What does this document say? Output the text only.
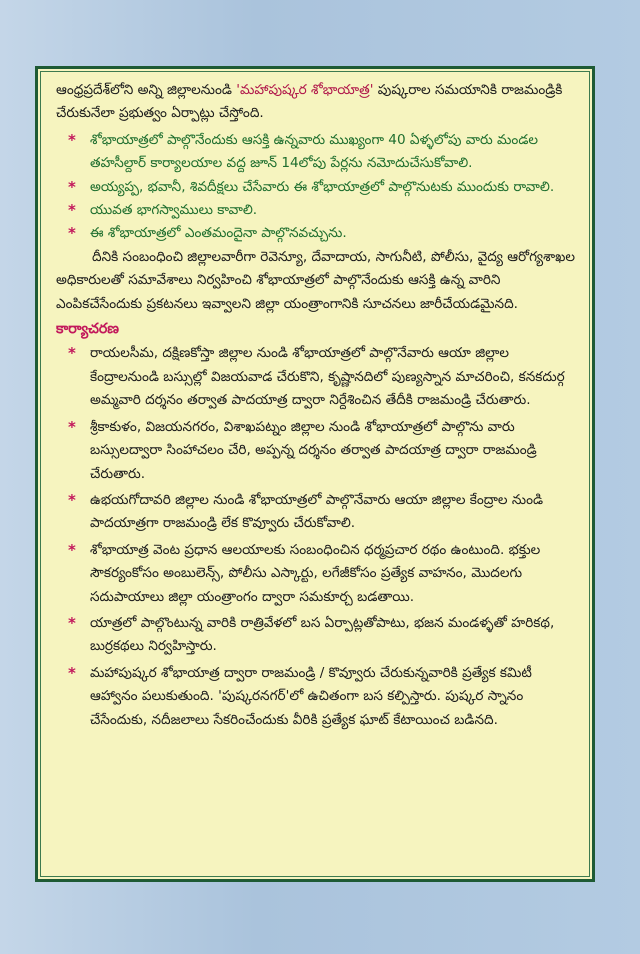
ఆంధ్రప్రదేశ్‌లోని అన్ని జిల్లాలనుండి 'మహాపుష్కర శోభాయాత్ర' పుష్కరాల సమయానికి రాజమండ్రికి చేరుకునేలా ప్రభుత్వం ఏర్పాట్లు చేస్తోంది.

* శోభాయాత్రలో పాల్గొనేందుకు ఆసక్తి ఉన్నవారు ముఖ్యంగా 40 ఏళ్ళలోపు వారు మండల తహసీల్దార్ కార్యాలయాల వద్ద జూన్ 14లోపు పేర్లను నమోదుచేసుకోవాలి.
* అయ్యప్ప, భవానీ, శివదీక్షలు చేసేవారు ఈ శోభాయాత్రలో పాల్గొనుటకు ముందుకు రావాలి.
* యువత భాగస్వాములు కావాలి.
* ఈ శోభాయాత్రలో ఎంతమందైనా పాల్గొనవచ్చును.

దీనికి సంబంధించి జిల్లాలవారీగా రెవెన్యూ, దేవాదాయ, సాగునీటి, పోలీసు, వైద్య ఆరోగ్యశాఖల అధికారులతో సమావేశాలు నిర్వహించి శోభాయాత్రలో పాల్గొనేందుకు ఆసక్తి ఉన్న వారిని ఎంపికచేసేందుకు ప్రకటనలు ఇవ్వాలని జిల్లా యంత్రాంగానికి సూచనలు జారీచేయడమైనది.

కార్యాచరణ
* రాయలసీమ, దక్షిణకోస్తా జిల్లాల నుండి శోభాయాత్రలో పాల్గొనేవారు ఆయా జిల్లాల కేంద్రాలనుండి బస్సుల్లో విజయవాడ చేరుకొని, కృష్ణానదిలో పుణ్యస్నాన మాచరించి, కనకదుర్గ అమ్మవారి దర్శనం తర్వాత పాదయాత్ర ద్వారా నిర్దేశించిన తేదీకి రాజమండ్రి చేరుతారు.
* శ్రీకాకుళం, విజయనగరం, విశాఖపట్నం జిల్లాల నుండి శోభాయాత్రలో పాల్గొను వారు బస్సులద్వారా సింహాచలం చేరి, అప్పన్న దర్శనం తర్వాత పాదయాత్ర ద్వారా రాజమండ్రి చేరుతారు.
* ఉభయగోదావరి జిల్లాల నుండి శోభాయాత్రలో పాల్గొనేవారు ఆయా జిల్లాల కేంద్రాల నుండి పాదయాత్రగా రాజమండ్రి లేక కొవ్వూరు చేరుకోవాలి.
* శోభాయాత్ర వెంట ప్రధాన ఆలయాలకు సంబంధించిన ధర్మప్రచార రథం ఉంటుంది. భక్తుల సౌకర్యంకోసం అంబులెన్స్, పోలీసు ఎస్కార్టు, లగేజీకోసం ప్రత్యేక వాహనం, మొదలగు సదుపాయాలు జిల్లా యంత్రాంగం ద్వారా సమకూర్చ బడతాయి.
* యాత్రలో పాల్గొంటున్న వారికి రాత్రివేళలో బస ఏర్పాట్లతోపాటు, భజన మండళ్ళతో హరికథ, బుర్రకథలు నిర్వహిస్తారు.
* మహాపుష్కర శోభాయాత్ర ద్వారా రాజమండ్రి / కొవ్వూరు చేరుకున్నవారికి ప్రత్యేక కమిటీ ఆహ్వానం పలుకుతుంది. 'పుష్కరనగర్'లో ఉచితంగా బస కల్పిస్తారు. పుష్కర స్నానం చేసేందుకు, నదీజలాలు సేకరించేందుకు వీరికి ప్రత్యేక ఘాట్ కేటాయించ బడినది.
